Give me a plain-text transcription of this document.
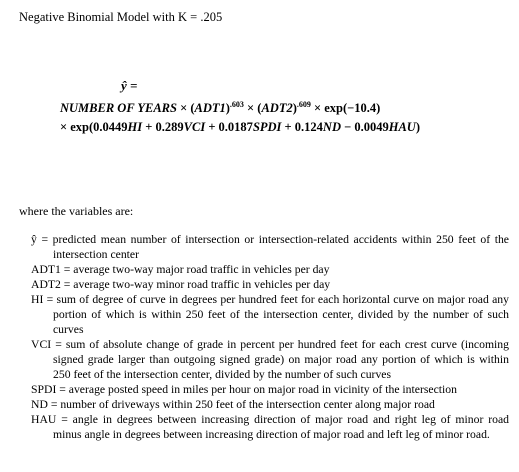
Negative Binomial Model with K = .205
ŷ =
NUMBER OF YEARS × $(ADT1)^{.603} \times (ADT2)^{.609} \times \exp(-10.4)$
× exp(0.0449HI + 0.289VCI + 0.0187SPDI + 0.124ND − 0.0049HAU)
where the variables are:

ŷ = predicted mean number of intersection or intersection-related accidents within 250 feet of the intersection center

ADT1 = average two-way major road traffic in vehicles per day

ADT2 = average two-way minor road traffic in vehicles per day

HI = sum of degree of curve in degrees per hundred feet for each horizontal curve on major road any portion of which is within 250 feet of the intersection center, divided by the number of such curves

VCI = sum of absolute change of grade in percent per hundred feet for each crest curve (incoming signed grade larger than outgoing signed grade) on major road any portion of which is within 250 feet of the intersection center, divided by the number of such curves

SPDI = average posted speed in miles per hour on major road in vicinity of the intersection

ND = number of driveways within 250 feet of the intersection center along major road

HAU = angle in degrees between increasing direction of major road and right leg of minor road minus angle in degrees between increasing direction of major road and left leg of minor road.
